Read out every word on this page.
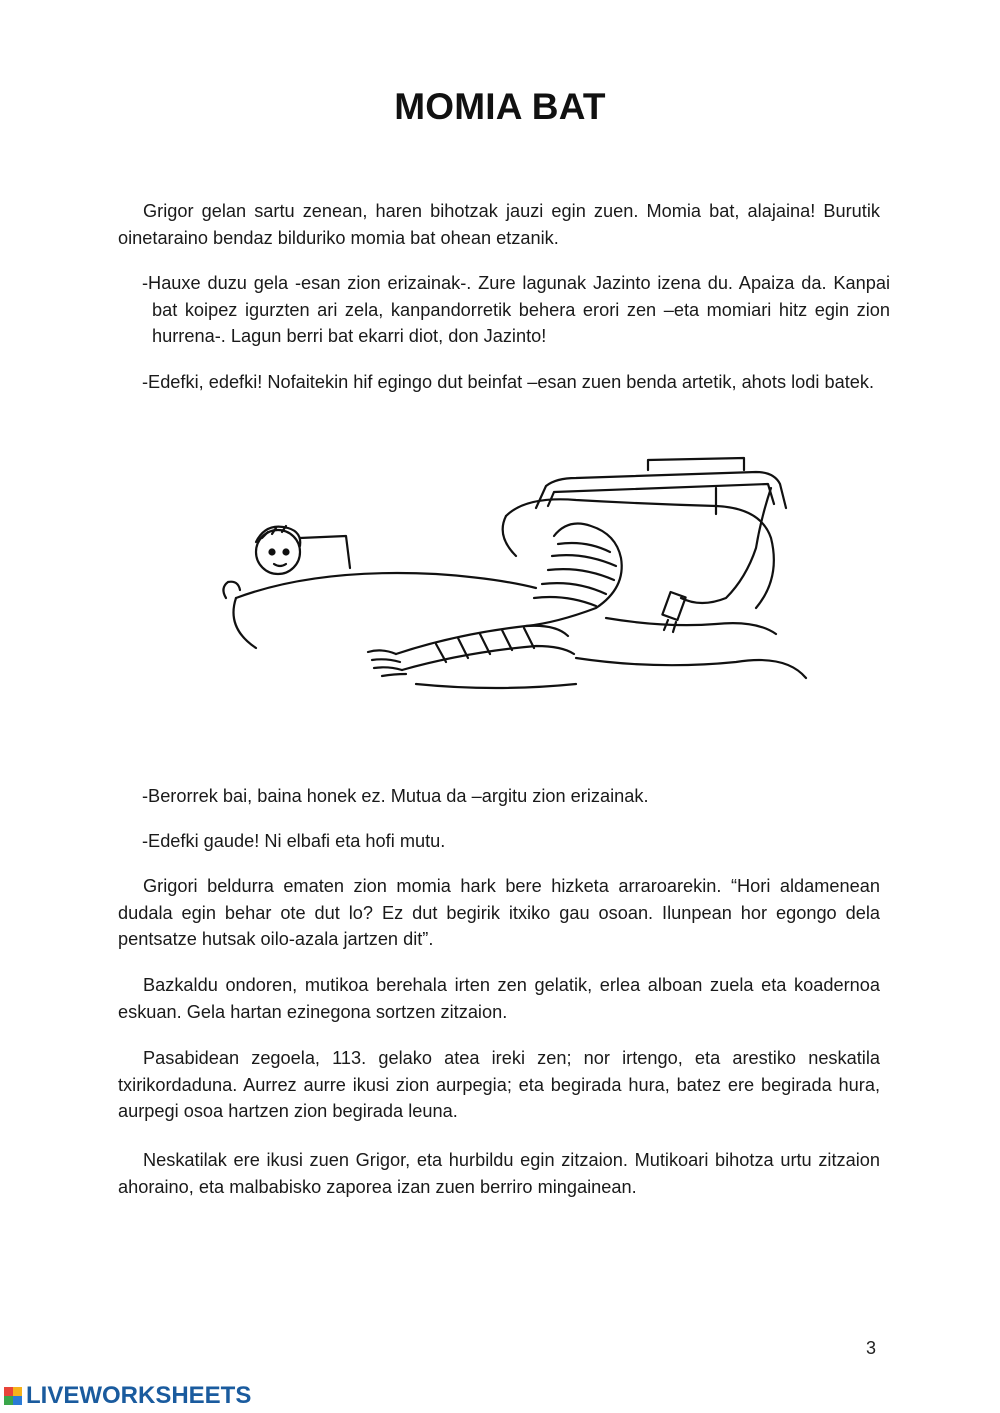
MOMIA BAT
Grigor gelan sartu zenean, haren bihotzak jauzi egin zuen. Momia bat, alajaina! Burutik oinetaraino bendaz bilduriko momia bat ohean etzanik.
-Hauxe duzu gela -esan zion erizainak-. Zure lagunak Jazinto izena du. Apaiza da. Kanpai bat koipez igurzten ari zela, kanpandorretik behera erori zen –eta momiari hitz egin zion hurrena-. Lagun berri bat ekarri diot, don Jazinto!
-Edefki, edefki! Nofaitekin hif egingo dut beinfat –esan zuen benda artetik, ahots lodi batek.
-Berorrek bai, baina honek ez. Mutua da –argitu zion erizainak.
-Edefki gaude! Ni elbafi eta hofi mutu.
Grigori beldurra ematen zion momia hark bere hizketa arraroarekin. “Hori aldamenean dudala egin behar ote dut lo? Ez dut begirik itxiko gau osoan. Ilunpean hor egongo dela pentsatze hutsak oilo-azala jartzen dit”.
Bazkaldu ondoren, mutikoa berehala irten zen gelatik, erlea alboan zuela eta koadernoa eskuan. Gela hartan ezinegona sortzen zitzaion.
Pasabidean zegoela, 113. gelako atea ireki zen; nor irtengo, eta arestiko neskatila txirikordaduna. Aurrez aurre ikusi zion aurpegia; eta begirada hura, batez ere begirada hura, aurpegi osoa hartzen zion begirada leuna.
Neskatilak ere ikusi zuen Grigor, eta hurbildu egin zitzaion. Mutikoari bihotza urtu zitzaion ahoraino, eta malbabisko zaporea izan zuen berriro mingainean.
3
LIVEWORKSHEETS
